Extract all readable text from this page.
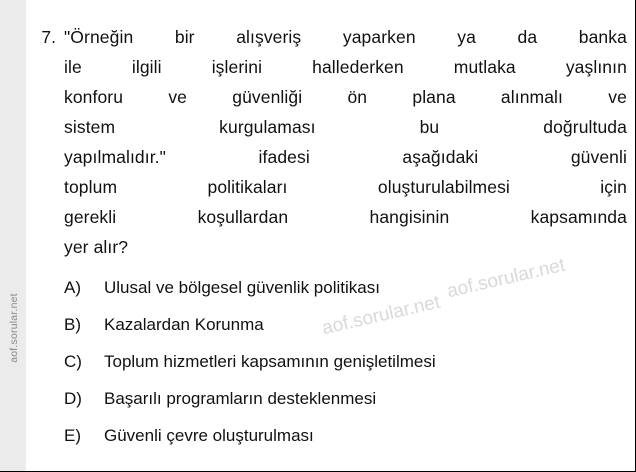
aof.sorular.net
7. "Örneğin bir alışveriş yaparken ya da banka
ile	ilgili	işlerini	hallederken	mutlaka	yaşlının
konforu	ve	güvenliği	ön	plana	alınmalı	ve
sistem	kurgulaması	bu	doğrultuda
yapılmalıdır."	ifadesi	aşağıdaki	güvenli
toplum	politikaları	oluşturulabilmesi	için
gerekli	koşullardan	hangisinin	kapsamında
yer alır?
A)	Ulusal ve bölgesel güvenlik politikası
B)	Kazalardan Korunma
C)	Toplum hizmetleri kapsamının genişletilmesi
D)	Başarılı programların desteklenmesi
E)	Güvenli çevre oluşturulması
aof.sorular.net
aof.sorular.net
